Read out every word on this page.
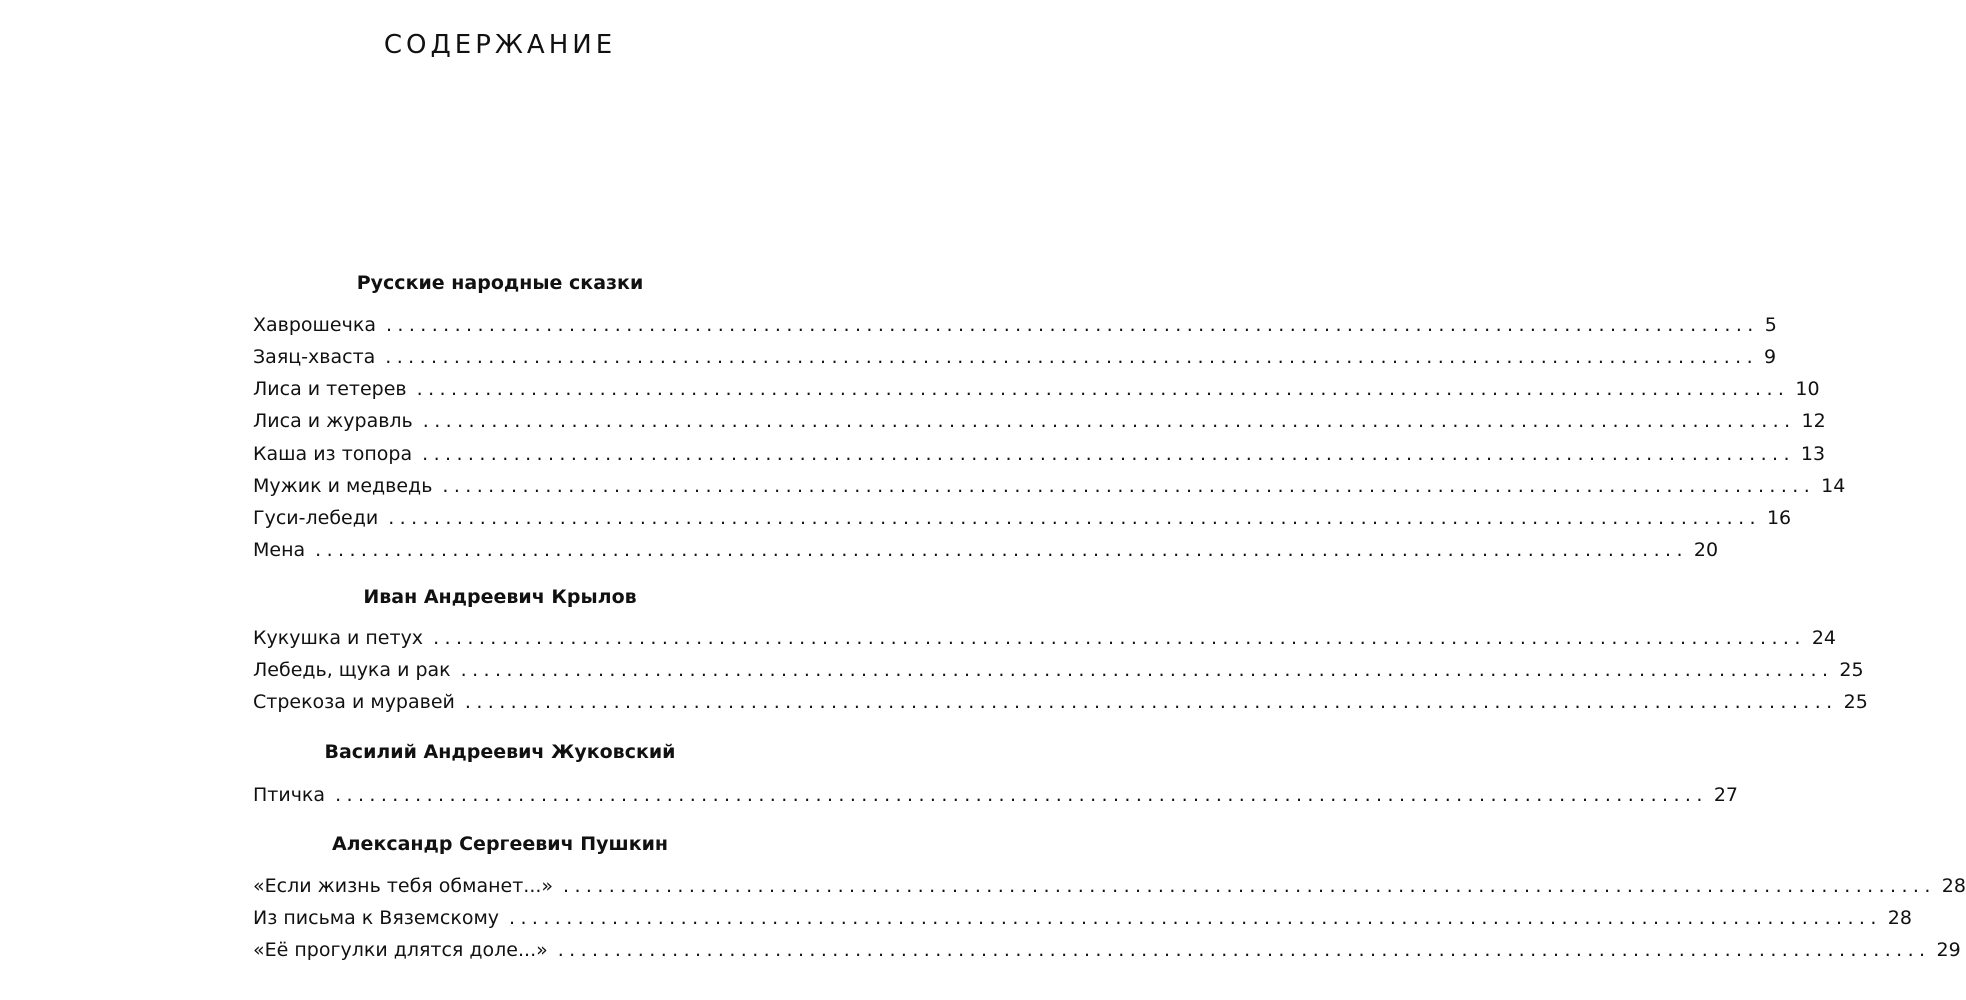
СОДЕРЖАНИЕ
Русские народные сказки
Хаврошечка ........................................................................................................................ 5
Заяц-хваста ........................................................................................................................ 9
Лиса и тетерев ........................................................................................................................ 10
Лиса и журавль ........................................................................................................................ 12
Каша из топора ........................................................................................................................ 13
Мужик и медведь ........................................................................................................................ 14
Гуси-лебеди ........................................................................................................................ 16
Мена ........................................................................................................................ 20
Иван Андреевич Крылов
Кукушка и петух ........................................................................................................................ 24
Лебедь, щука и рак ........................................................................................................................ 25
Стрекоза и муравей ........................................................................................................................ 25
Василий Андреевич Жуковский
Птичка ........................................................................................................................ 27
Александр Сергеевич Пушкин
«Если жизнь тебя обманет...» ........................................................................................................................ 28
Из письма к Вяземскому ........................................................................................................................ 28
«Её прогулки длятся доле...» ........................................................................................................................ 29
